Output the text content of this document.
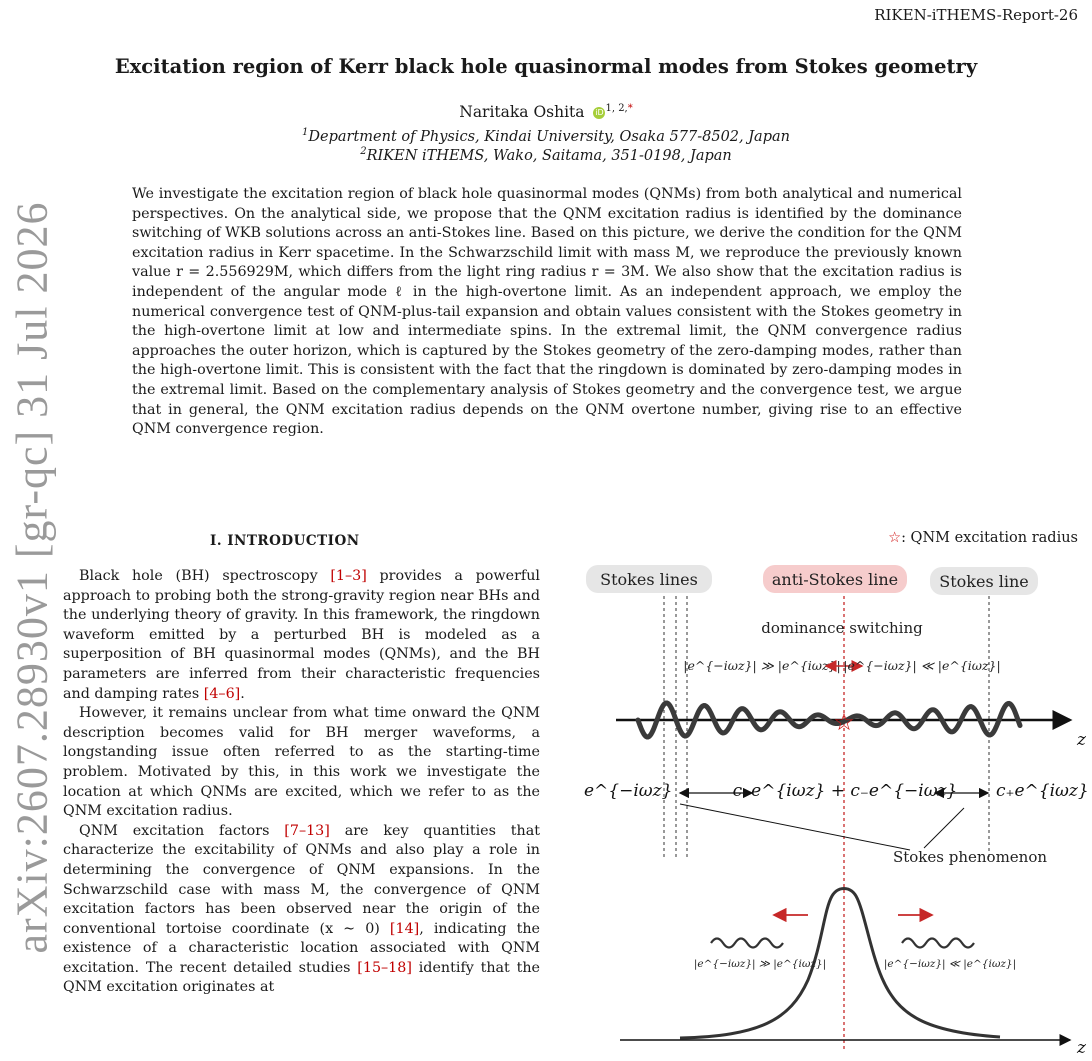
RIKEN-iTHEMS-Report-26
Excitation region of Kerr black hole quasinormal modes from Stokes geometry
Naritaka Oshita iD $^{1, 2,*}$
$^1$Department of Physics, Kindai University, Osaka 577-8502, Japan
$^2$RIKEN iTHEMS, Wako, Saitama, 351-0198, Japan

We investigate the excitation region of black hole quasinormal modes (QNMs) from both analytical and numerical perspectives. On the analytical side, we propose that the QNM excitation radius is identified by the dominance switching of WKB solutions across an anti-Stokes line. Based on this picture, we derive the condition for the QNM excitation radius in Kerr spacetime. In the Schwarzschild limit with mass M, we reproduce the previously known value r = 2.556929M, which differs from the light ring radius r = 3M. We also show that the excitation radius is independent of the angular mode ℓ in the high-overtone limit. As an independent approach, we employ the numerical convergence test of QNM-plus-tail expansion and obtain values consistent with the Stokes geometry in the high-overtone limit at low and intermediate spins. In the extremal limit, the QNM convergence radius approaches the outer horizon, which is captured by the Stokes geometry of the zero-damping modes, rather than the high-overtone limit. This is consistent with the fact that the ringdown is dominated by zero-damping modes in the extremal limit. Based on the complementary analysis of Stokes geometry and the convergence test, we argue that in general, the QNM excitation radius depends on the QNM overtone number, giving rise to an effective QNM convergence region.

arXiv:2607.28930v1 [gr-qc] 31 Jul 2026	I. INTRODUCTION

Black hole (BH) spectroscopy [1–3] provides a powerful approach to probing both the strong-gravity region near BHs and the underlying theory of gravity. In this framework, the ringdown waveform emitted by a perturbed BH is modeled as a superposition of BH quasinormal modes (QNMs), and the BH parameters are inferred from their characteristic frequencies and damping rates [4–6].

However, it remains unclear from what time onward the QNM description becomes valid for BH merger waveforms, a longstanding issue often referred to as the starting-time problem. Motivated by this, in this work we investigate the location at which QNMs are excited, which we refer to as the QNM excitation radius.

QNM excitation factors [7–13] are key quantities that characterize the excitability of QNMs and also play a role in determining the convergence of QNM expansions. In the Schwarzschild case with mass M, the convergence of QNM excitation factors has been observed near the origin of the conventional tortoise coordinate (x ∼ 0) [14], indicating the existence of a characteristic location associated with QNM excitation. The recent detailed studies [15–18] identify that the QNM excitation originates at

☆: QNM excitation radius
Stokes lines	anti-Stokes line	Stokes line
dominance switching
|e^{−iωz}| ≫ |e^{iωz}| |e^{−iωz}| ≪ |e^{iωz}|
z
☆
e^{−iωz}	c₊e^{iωz} + c₋e^{−iωz} c₊e^{iωz}
Stokes phenomenon
z
|e^{−iωz}| ≫ |e^{iωz}|	|e^{−iωz}| ≪ |e^{iωz}|
